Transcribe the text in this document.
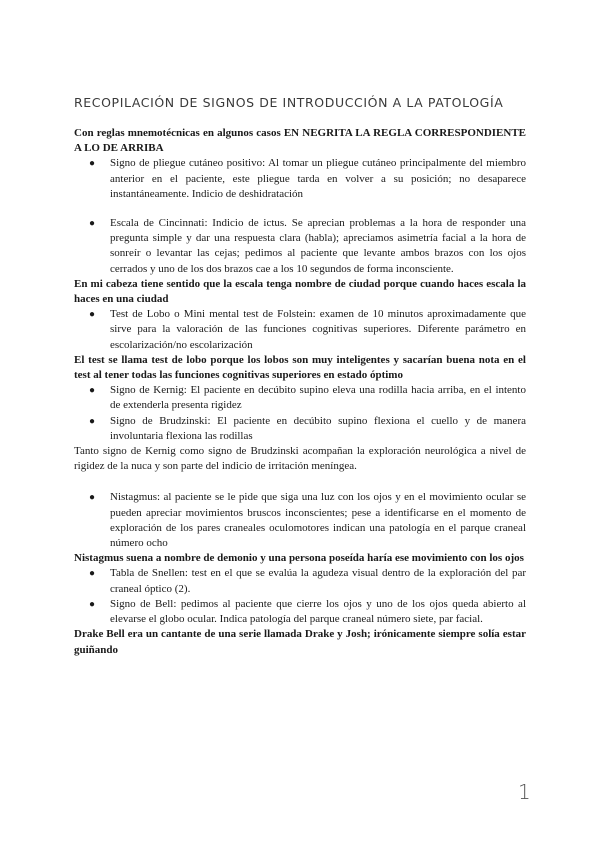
RECOPILACIÓN DE SIGNOS DE INTRODUCCIÓN A LA PATOLOGÍA

Con reglas mnemotécnicas en algunos casos EN NEGRITA LA REGLA CORRESPONDIENTE A LO DE ARRIBA

● Signo de pliegue cutáneo positivo: Al tomar un pliegue cutáneo principalmente del miembro anterior en el paciente, este pliegue tarda en volver a su posición; no desaparece instantáneamente. Indicio de deshidratación
● Escala de Cincinnati: Indicio de ictus. Se aprecian problemas a la hora de responder una pregunta simple y dar una respuesta clara (habla); apreciamos asimetría facial a la hora de sonreír o levantar las cejas; pedimos al paciente que levante ambos brazos con los ojos cerrados y uno de los dos brazos cae a los 10 segundos de forma inconsciente.

En mi cabeza tiene sentido que la escala tenga nombre de ciudad porque cuando haces escala la haces en una ciudad

● Test de Lobo o Mini mental test de Folstein: examen de 10 minutos aproximadamente que sirve para la valoración de las funciones cognitivas superiores. Diferente parámetro en escolarización/no escolarización

El test se llama test de lobo porque los lobos son muy inteligentes y sacarían buena nota en el test al tener todas las funciones cognitivas superiores en estado óptimo

● Signo de Kernig: El paciente en decúbito supino eleva una rodilla hacia arriba, en el intento de extenderla presenta rigidez
● Signo de Brudzinski: El paciente en decúbito supino flexiona el cuello y de manera involuntaria flexiona las rodillas

Tanto signo de Kernig como signo de Brudzinski acompañan la exploración neurológica a nivel de rigidez de la nuca y son parte del indicio de irritación meníngea.

● Nistagmus: al paciente se le pide que siga una luz con los ojos y en el movimiento ocular se pueden apreciar movimientos bruscos inconscientes; pese a identificarse en el momento de exploración de los pares craneales oculomotores indican una patología en el parque craneal número ocho

Nistagmus suena a nombre de demonio y una persona poseída haría ese movimiento con los ojos

● Tabla de Snellen: test en el que se evalúa la agudeza visual dentro de la exploración del par craneal óptico (2).
● Signo de Bell: pedimos al paciente que cierre los ojos y uno de los ojos queda abierto al elevarse el globo ocular. Indica patología del parque craneal número siete, par facial.

Drake Bell era un cantante de una serie llamada Drake y Josh; irónicamente siempre solía estar guiñando

1
